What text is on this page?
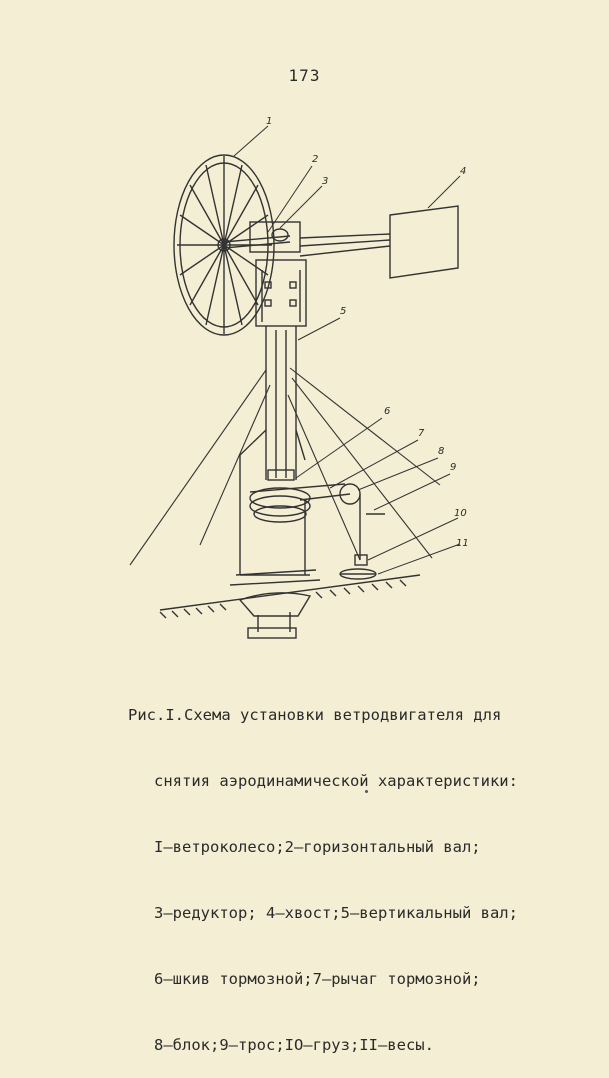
173
1
2
3
4
5
6
7
8
9
10
11

Рис.I.Схема установки ветродвигателя для

снятия аэродинамической характеристики:

I–ветроколесо;2–горизонтальный вал;

3–редуктор; 4–хвост;5–вертикальный вал;

6–шкив тормозной;7–рычаг тормозной;

8–блок;9–трос;IO–груз;II–весы.
